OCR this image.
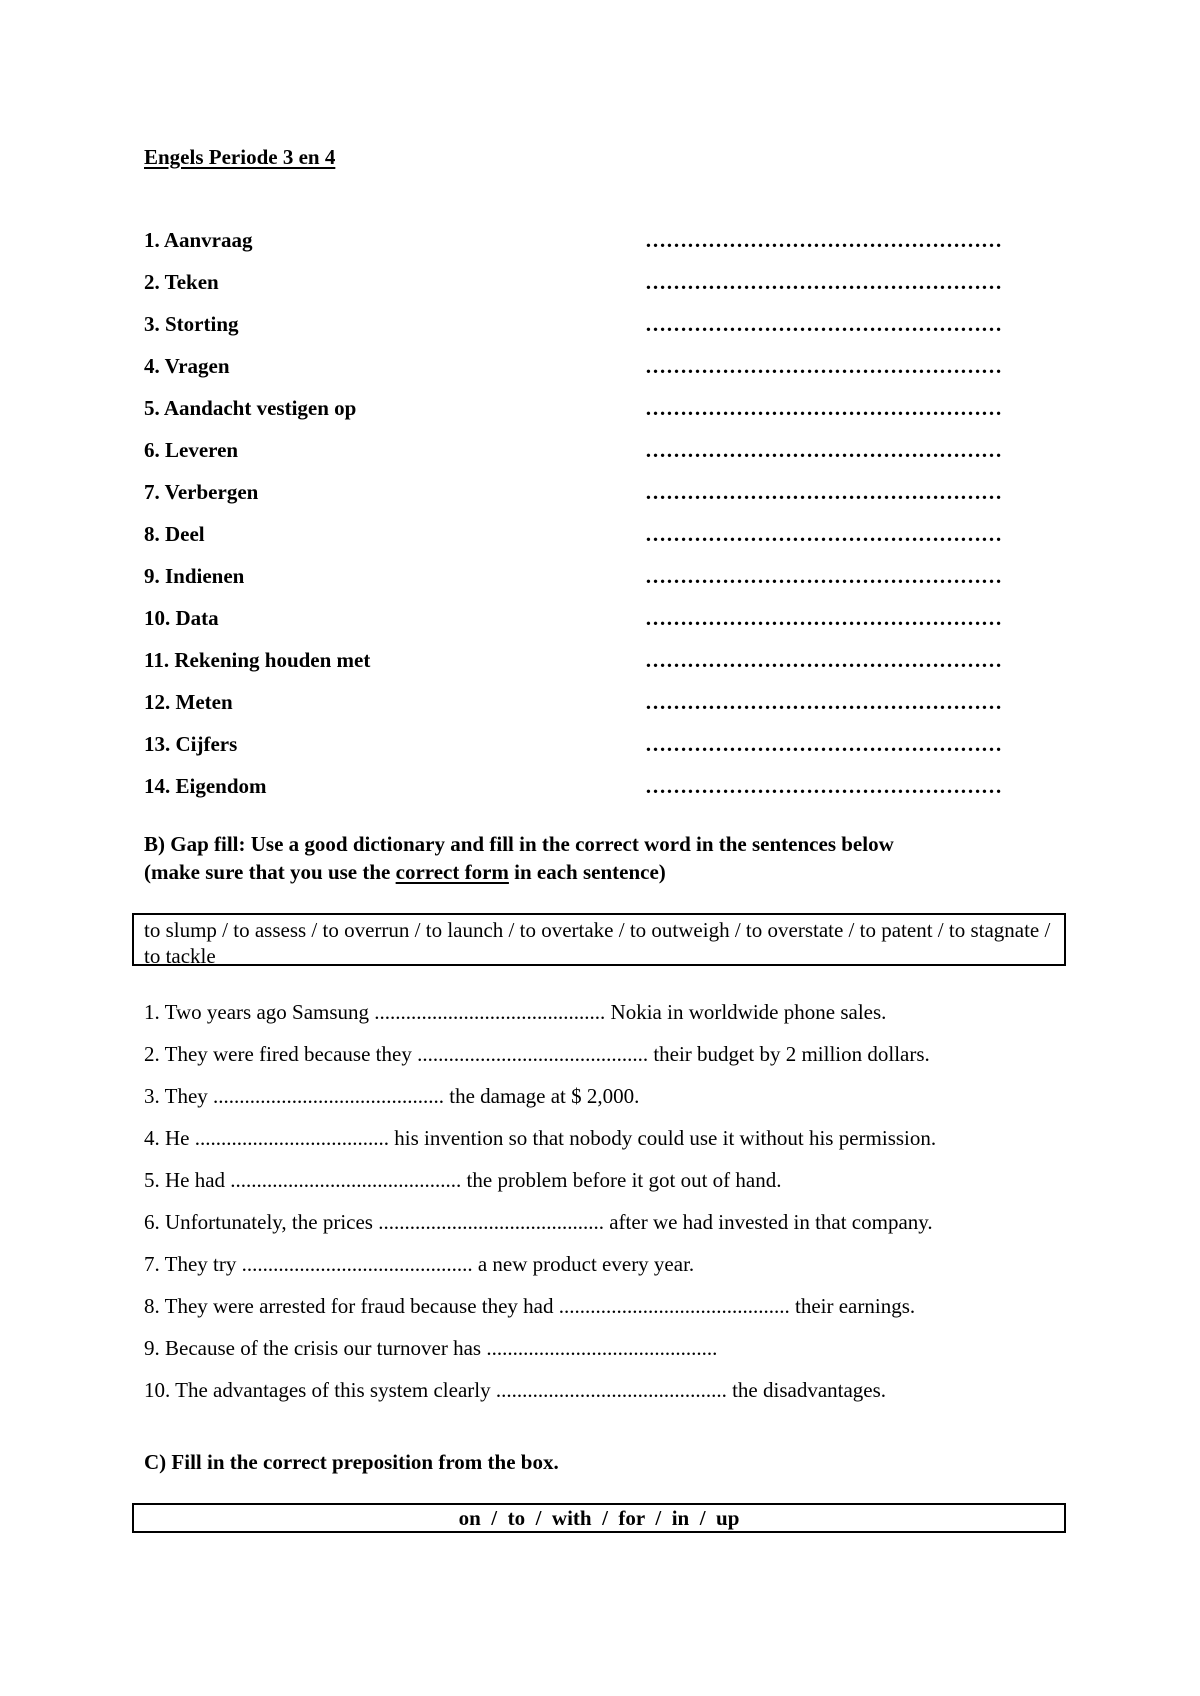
Engels Periode 3 en 4
1. Aanvraag	……………………………………………
2. Teken	……………………………………………
3. Storting	……………………………………………
4. Vragen	……………………………………………
5. Aandacht vestigen op	……………………………………………
6. Leveren	……………………………………………
7. Verbergen	……………………………………………
8. Deel	……………………………………………
9. Indienen	……………………………………………
10. Data	……………………………………………
11. Rekening houden met	……………………………………………
12. Meten	……………………………………………
13. Cijfers	……………………………………………
14. Eigendom	……………………………………………
B) Gap fill: Use a good dictionary and fill in the correct word in the sentences below
(make sure that you use the correct form in each sentence)
to slump / to assess / to overrun / to launch / to overtake / to outweigh / to overstate / to patent / to stagnate / to tackle
1. Two years ago Samsung ............................................ Nokia in worldwide phone sales.
2. They were fired because they ............................................ their budget by 2 million dollars.
3. They ............................................ the damage at $ 2,000.
4. He ..................................... his invention so that nobody could use it without his permission.
5. He had ............................................ the problem before it got out of hand.
6. Unfortunately, the prices ........................................... after we had invested in that company.
7. They try ............................................ a new product every year.
8. They were arrested for fraud because they had ............................................ their earnings.
9. Because of the crisis our turnover has ............................................
10. The advantages of this system clearly ............................................ the disadvantages.
C) Fill in the correct preposition from the box.
on  /  to  /  with  /  for  /  in  /  up
